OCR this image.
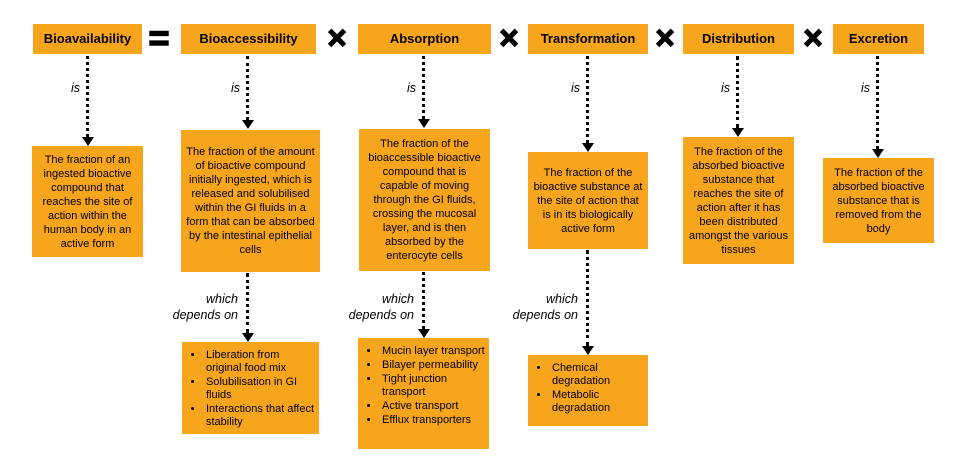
Bioavailability
is
The fraction of an ingested bioactive compound that reaches the site of action within the human body in an active form
=	Bioaccessibility
is
The fraction of the amount of bioactive compound initially ingested, which is released and solubilised within the GI fluids in a form that can be absorbed by the intestinal epithelial cells
which depends on
• Liberation from original food mix
• Solubilisation in GI fluids
• Interactions that affect stability
×	Absorption
is
The fraction of the bioaccessible bioactive compound that is capable of moving through the GI fluids, crossing the mucosal layer, and is then absorbed by the enterocyte cells
which depends on
• Mucin layer transport
• Bilayer permeability
• Tight junction transport
• Active transport
• Efflux transporters
×	Transformation
is
The fraction of the bioactive substance at the site of action that is in its biologically active form
which depends on
• Chemical degradation
• Metabolic degradation
×	Distribution
is
The fraction of the absorbed bioactive substance that reaches the site of action after it has been distributed amongst the various tissues
×	Excretion
is
The fraction of the absorbed bioactive substance that is removed from the body
